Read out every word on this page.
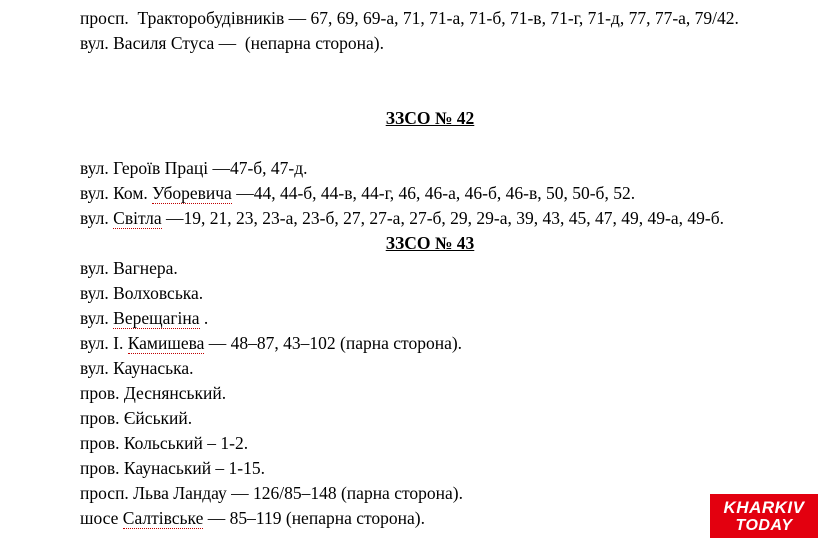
просп.  Тракторобудівників — 67, 69, 69-а, 71, 71-а, 71-б, 71-в, 71-г, 71-д, 77, 77-а, 79/42.

вул. Василя Стуса —  (непарна сторона).

ЗЗСО № 42

вул. Героїв Праці —47-б, 47-д.

вул. Ком. Уборевича —44, 44-б, 44-в, 44-г, 46, 46-а, 46-б, 46-в, 50, 50-б, 52.

вул. Світла —19, 21, 23, 23-а, 23-б, 27, 27-а, 27-б, 29, 29-а, 39, 43, 45, 47, 49, 49-а, 49-б.

ЗЗСО № 43

вул. Вагнера.

вул. Волховська.

вул. Верещагіна .

вул. І. Камишева — 48–87, 43–102 (парна сторона).

вул. Каунаська.

пров. Деснянський.

пров. Єйський.

пров. Кольський – 1-2.

пров. Каунаський – 1-15.

просп. Льва Ландау — 126/85–148 (парна сторона).

шосе Салтівське — 85–119 (непарна сторона).

KHARKIV
TODAY
